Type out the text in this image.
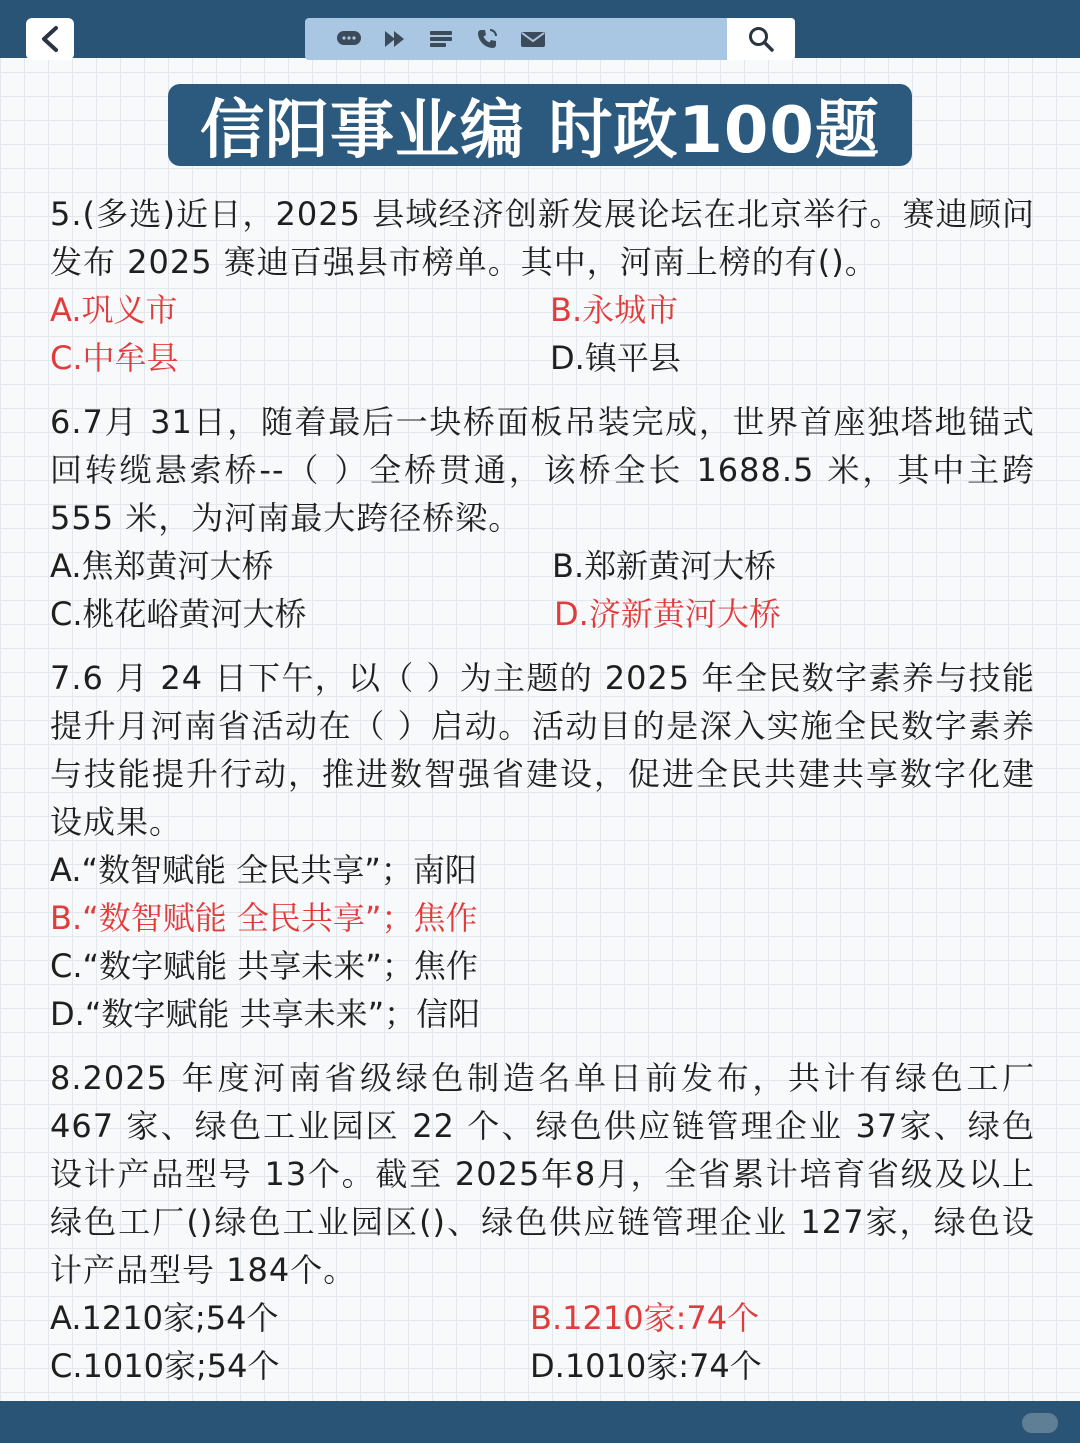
信阳事业编 时政100题
5.(多选)近日，2025 县域经济创新发展论坛在北京举行。赛迪顾问发布 2025 赛迪百强县市榜单。其中，河南上榜的有()。
A.巩义市	B.永城市
C.中牟县	D.镇平县
6.7月 31日，随着最后一块桥面板吊装完成，世界首座独塔地锚式回转缆悬索桥--（ ）全桥贯通，该桥全长 1688.5 米，其中主跨 555 米，为河南最大跨径桥梁。
A.焦郑黄河大桥	B.郑新黄河大桥
C.桃花峪黄河大桥	D.济新黄河大桥
7.6 月 24 日下午，以（ ）为主题的 2025 年全民数字素养与技能提升月河南省活动在（ ）启动。活动目的是深入实施全民数字素养与技能提升行动，推进数智强省建设，促进全民共建共享数字化建设成果。
A.“数智赋能 全民共享”；南阳
B.“数智赋能 全民共享”；焦作
C.“数字赋能 共享未来”；焦作
D.“数字赋能 共享未来”；信阳
8.2025 年度河南省级绿色制造名单日前发布，共计有绿色工厂 467 家、绿色工业园区 22 个、绿色供应链管理企业 37家、绿色设计产品型号 13个。截至 2025年8月，全省累计培育省级及以上绿色工厂()绿色工业园区()、绿色供应链管理企业 127家，绿色设计产品型号 184个。
A.1210家;54个	B.1210家:74个
C.1010家;54个	D.1010家:74个
